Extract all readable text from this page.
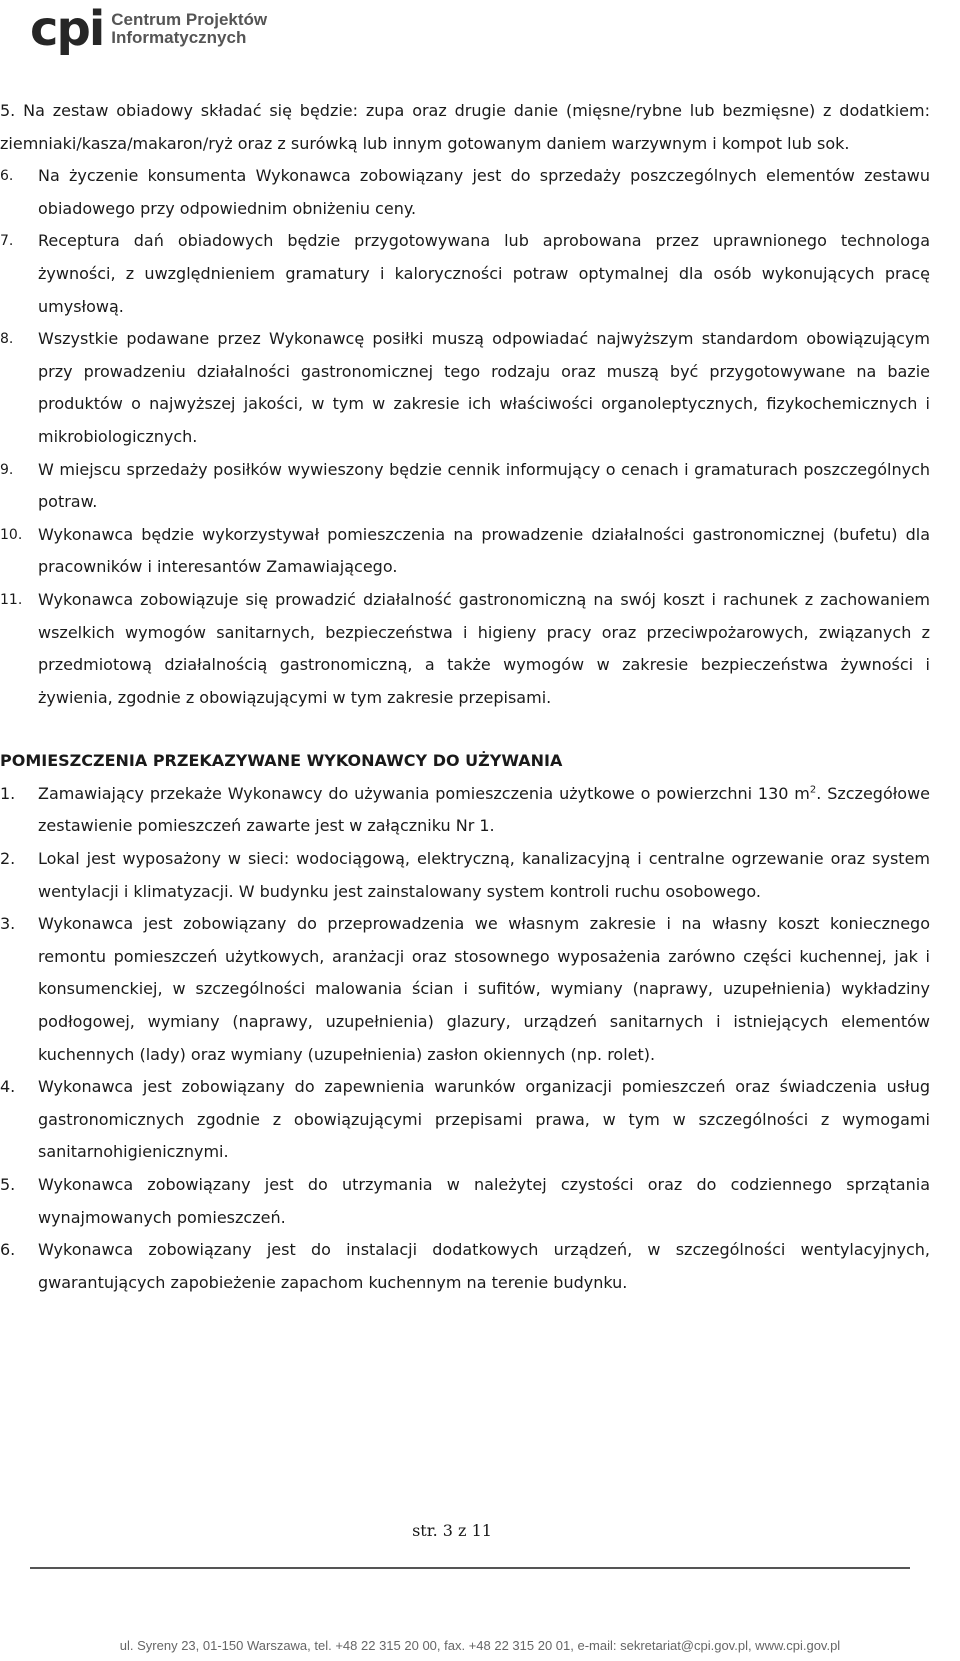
cpi Centrum Projektów
Informatycznych
5. Na zestaw obiadowy składać się będzie: zupa oraz drugie danie (mięsne/rybne lub bezmięsne) z dodatkiem: ziemniaki/kasza/makaron/ryż oraz z surówką lub innym gotowanym daniem warzywnym i kompot lub sok.
6. Na życzenie konsumenta Wykonawca zobowiązany jest do sprzedaży poszczególnych elementów zestawu obiadowego przy odpowiednim obniżeniu ceny.
7. Receptura dań obiadowych będzie przygotowywana lub aprobowana przez uprawnionego technologa żywności, z uwzględnieniem gramatury i kaloryczności potraw optymalnej dla osób wykonujących pracę umysłową.
8. Wszystkie podawane przez Wykonawcę posiłki muszą odpowiadać najwyższym standardom obowiązującym przy prowadzeniu działalności gastronomicznej tego rodzaju oraz muszą być przygotowywane na bazie produktów o najwyższej jakości, w tym w zakresie ich właściwości organoleptycznych, fizykochemicznych i mikrobiologicznych.
9. W miejscu sprzedaży posiłków wywieszony będzie cennik informujący o cenach i gramaturach poszczególnych potraw.
10. Wykonawca będzie wykorzystywał pomieszczenia na prowadzenie działalności gastronomicznej (bufetu) dla pracowników i interesantów Zamawiającego.
11. Wykonawca zobowiązuje się prowadzić działalność gastronomiczną na swój koszt i rachunek z zachowaniem wszelkich wymogów sanitarnych, bezpieczeństwa i higieny pracy oraz przeciwpożarowych, związanych z przedmiotową działalnością gastronomiczną, a także wymogów w zakresie bezpieczeństwa żywności i żywienia, zgodnie z obowiązującymi w tym zakresie przepisami.
POMIESZCZENIA PRZEKAZYWANE WYKONAWCY DO UŻYWANIA
1. Zamawiający przekaże Wykonawcy do używania pomieszczenia użytkowe o powierzchni 130 $m^2$. Szczegółowe zestawienie pomieszczeń zawarte jest w załączniku Nr 1.
2. Lokal jest wyposażony w sieci: wodociągową, elektryczną, kanalizacyjną i centralne ogrzewanie oraz system wentylacji i klimatyzacji. W budynku jest zainstalowany system kontroli ruchu osobowego.
3. Wykonawca jest zobowiązany do przeprowadzenia we własnym zakresie i na własny koszt koniecznego remontu pomieszczeń użytkowych, aranżacji oraz stosownego wyposażenia zarówno części kuchennej, jak i konsumenckiej, w szczególności malowania ścian i sufitów, wymiany (naprawy, uzupełnienia) wykładziny podłogowej, wymiany (naprawy, uzupełnienia) glazury, urządzeń sanitarnych i istniejących elementów kuchennych (lady) oraz wymiany (uzupełnienia) zasłon okiennych (np. rolet).
4. Wykonawca jest zobowiązany do zapewnienia warunków organizacji pomieszczeń oraz świadczenia usług gastronomicznych zgodnie z obowiązującymi przepisami prawa, w tym w szczególności z wymogami sanitarnohigienicznymi.
5. Wykonawca zobowiązany jest do utrzymania w należytej czystości oraz do codziennego sprzątania wynajmowanych pomieszczeń.
6. Wykonawca zobowiązany jest do instalacji dodatkowych urządzeń, w szczególności wentylacyjnych, gwarantujących zapobieżenie zapachom kuchennym na terenie budynku.
str. 3 z 11
ul. Syreny 23, 01-150 Warszawa, tel. +48 22 315 20 00, fax. +48 22 315 20 01, e-mail: sekretariat@cpi.gov.pl, www.cpi.gov.pl
